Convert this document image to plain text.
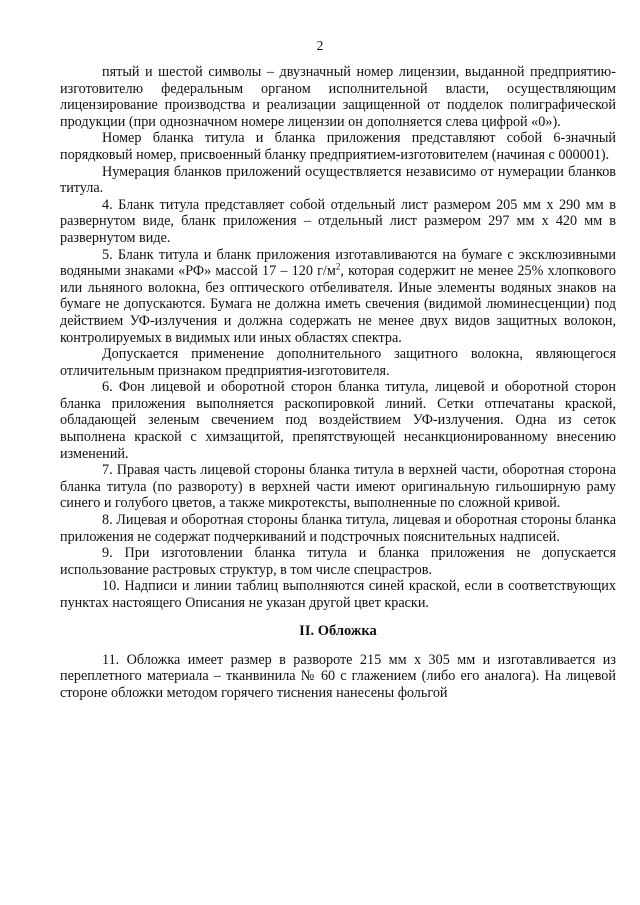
2

пятый и шестой символы – двузначный номер лицензии, выданной предприятию-изготовителю федеральным органом исполнительной власти, осуществляющим лицензирование производства и реализации защищенной от подделок полиграфической продукции (при однозначном номере лицензии он дополняется слева цифрой «0»).

Номер бланка титула и бланка приложения представляют собой 6-значный порядковый номер, присвоенный бланку предприятием-изготовителем (начиная с 000001).

Нумерация бланков приложений осуществляется независимо от нумерации бланков титула.

4. Бланк титула представляет собой отдельный лист размером 205 мм х 290 мм в развернутом виде, бланк приложения – отдельный лист размером 297 мм х 420 мм в развернутом виде.

5. Бланк титула и бланк приложения изготавливаются на бумаге с эксклюзивными водяными знаками «РФ» массой 17 – 120 $г/м^2$, которая содержит не менее 25% хлопкового или льняного волокна, без оптического отбеливателя. Иные элементы водяных знаков на бумаге не допускаются. Бумага не должна иметь свечения (видимой люминесценции) под действием УФ-излучения и должна содержать не менее двух видов защитных волокон, контролируемых в видимых или иных областях спектра.

Допускается применение дополнительного защитного волокна, являющегося отличительным признаком предприятия-изготовителя.

6. Фон лицевой и оборотной сторон бланка титула, лицевой и оборотной сторон бланка приложения выполняется раскопировкой линий. Сетки отпечатаны краской, обладающей зеленым свечением под воздействием УФ-излучения. Одна из сеток выполнена краской с химзащитой, препятствующей несанкционированному внесению изменений.

7. Правая часть лицевой стороны бланка титула в верхней части, оборотная сторона бланка титула (по развороту) в верхней части имеют оригинальную гильоширную раму синего и голубого цветов, а также микротексты, выполненные по сложной кривой.

8. Лицевая и оборотная стороны бланка титула, лицевая и оборотная стороны бланка приложения не содержат подчеркиваний и подстрочных пояснительных надписей.

9. При изготовлении бланка титула и бланка приложения не допускается использование растровых структур, в том числе спецрастров.

10. Надписи и линии таблиц выполняются синей краской, если в соответствующих пунктах настоящего Описания не указан другой цвет краски.

II. Обложка

11. Обложка имеет размер в развороте 215 мм х 305 мм и изготавливается из переплетного материала – тканвинила № 60 с глажением (либо его аналога). На лицевой стороне обложки методом горячего тиснения нанесены фольгой
